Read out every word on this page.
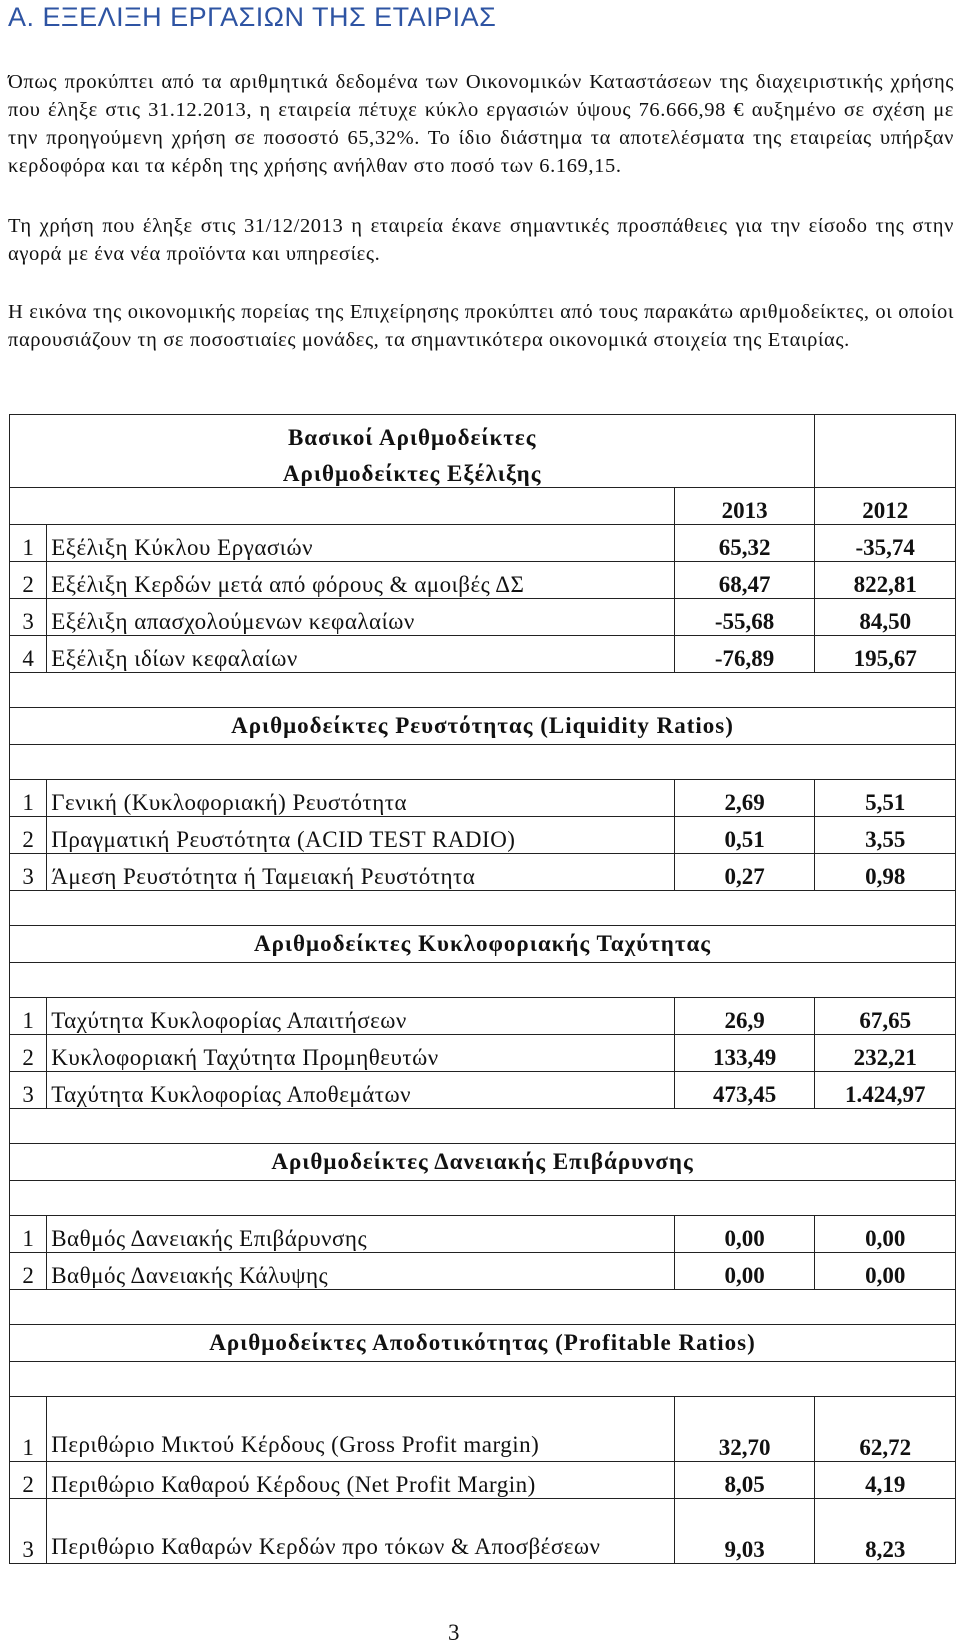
Α. ΕΞΕΛΙΞΗ ΕΡΓΑΣΙΩΝ ΤΗΣ ΕΤΑΙΡΙΑΣ

Όπως προκύπτει από τα αριθμητικά δεδομένα των Οικονομικών Καταστάσεων της διαχειριστικής χρήσης που έληξε στις 31.12.2013, η εταιρεία πέτυχε κύκλο εργασιών ύψους 76.666,98 € αυξημένο σε σχέση με την προηγούμενη χρήση σε ποσοστό 65,32%. Το ίδιο διάστημα τα αποτελέσματα της εταιρείας υπήρξαν κερδοφόρα και τα κέρδη της χρήσης ανήλθαν στο ποσό των 6.169,15.

Τη χρήση που έληξε στις 31/12/2013 η εταιρεία έκανε σημαντικές προσπάθειες για την είσοδο της στην αγορά με ένα νέα προϊόντα και υπηρεσίες.

Η εικόνα της οικονομικής πορείας της Επιχείρησης προκύπτει από τους παρακάτω αριθμοδείκτες, οι οποίοι παρουσιάζουν τη σε ποσοστιαίες μονάδες, τα σημαντικότερα οικονομικά στοιχεία της Εταιρίας.

Βασικοί Αριθμοδείκτες			
Αριθμοδείκτες Εξέλιξης			
		2013	2012
1	Εξέλιξη Κύκλου Εργασιών	65,32	-35,74
2	Εξέλιξη Κερδών μετά από φόρους & αμοιβές ΔΣ	68,47	822,81
3	Εξέλιξη απασχολούμενων κεφαλαίων	-55,68	84,50
4	Εξέλιξη ιδίων κεφαλαίων	-76,89	195,67

Αριθμοδείκτες Ρευστότητας (Liquidity Ratios)			

1	Γενική (Κυκλοφοριακή) Ρευστότητα	2,69	5,51
2	Πραγματική Ρευστότητα (ACID TEST RADIO)	0,51	3,55
3	Άμεση Ρευστότητα ή Ταμειακή Ρευστότητα	0,27	0,98

Αριθμοδείκτες Κυκλοφοριακής Ταχύτητας			

1	Ταχύτητα Κυκλοφορίας Απαιτήσεων	26,9	67,65
2	Κυκλοφοριακή Ταχύτητα Προμηθευτών	133,49	232,21
3	Ταχύτητα Κυκλοφορίας Αποθεμάτων	473,45	1.424,97

Αριθμοδείκτες Δανειακής Επιβάρυνσης			

1	Βαθμός Δανειακής Επιβάρυνσης	0,00	0,00
2	Βαθμός Δανειακής Κάλυψης	0,00	0,00

Αριθμοδείκτες Αποδοτικότητας (Profitable Ratios)			

1	Περιθώριο Μικτού Κέρδους (Gross Profit margin)	32,70	62,72
2	Περιθώριο Καθαρού Κέρδους (Net Profit Margin)	8,05	4,19
3	Περιθώριο Καθαρών Κερδών προ τόκων & Αποσβέσεων	9,03	8,23
3
